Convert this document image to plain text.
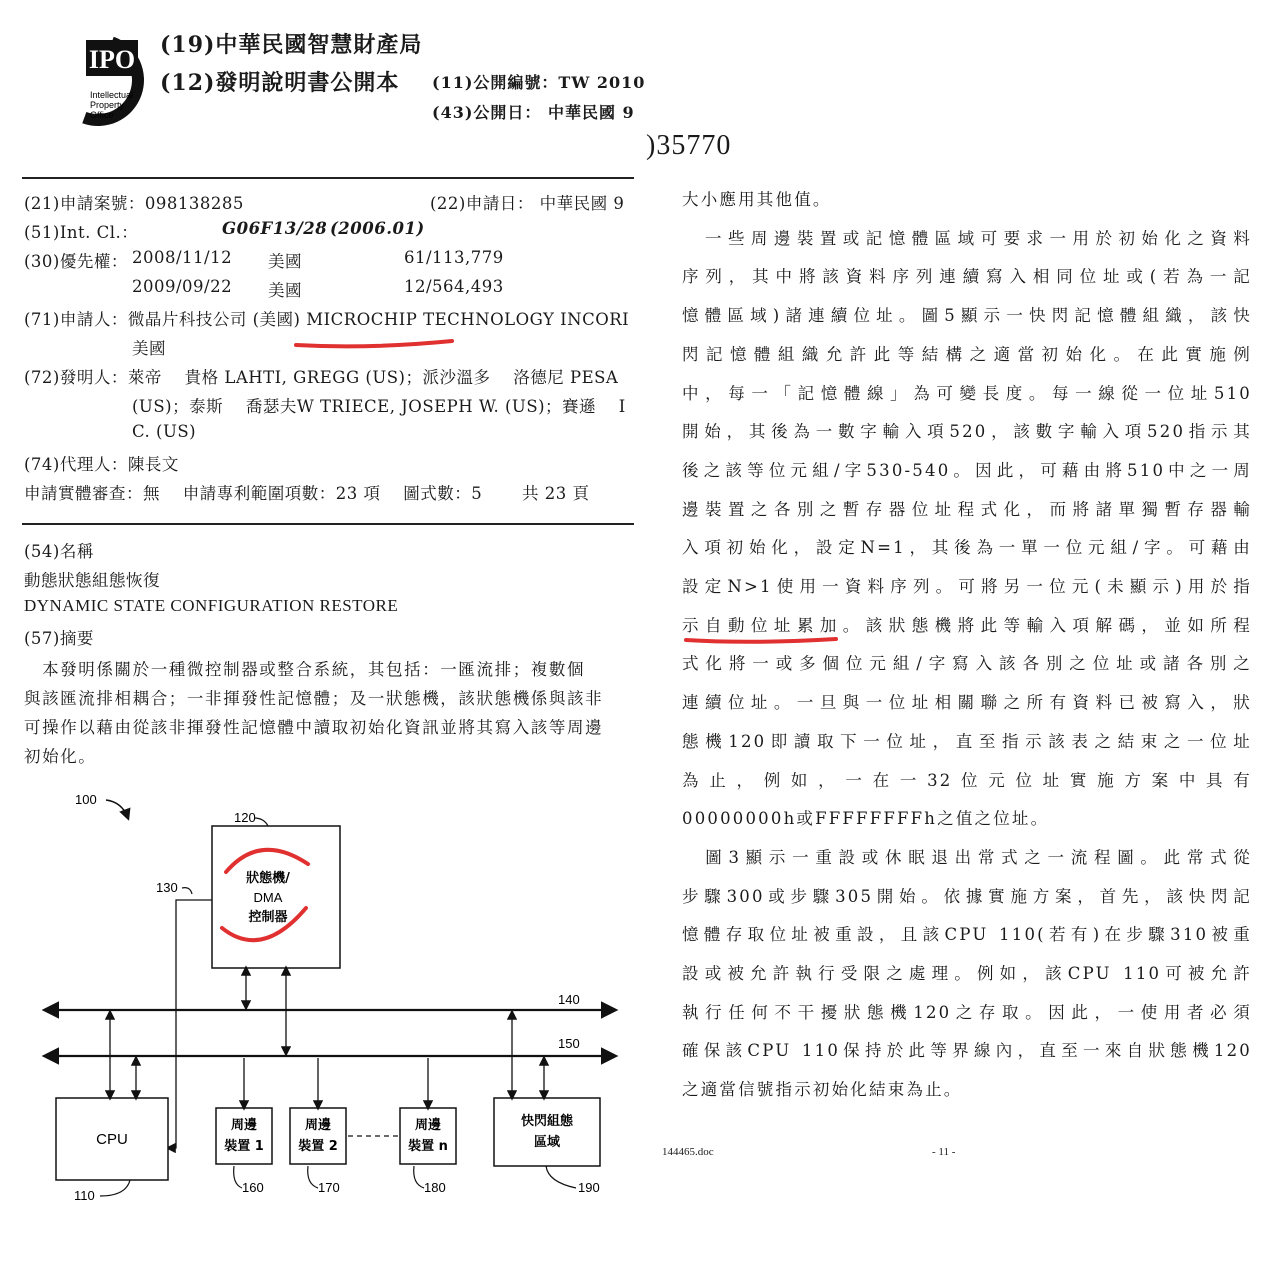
IPO
Intellectual
Property
Office
(19)中華民國智慧財產局
(12)發明說明書公開本 (11)公開編號：TW 2010
(43)公開日： 中華民國 9
)35770
(21)申請案號：098138285	(22)申請日： 中華民國 9
(51)Int. Cl.：	G06F13/28 (2006.01)
(30)優先權： 2008/11/12 美國	61/113,779
2009/09/22 美國	12/564,493
(71)申請人：微晶片科技公司 (美國) MICROCHIP TECHNOLOGY INCORI
美國
(72)發明人：萊帝 　貴格 LAHTI, GREGG (US)；派沙溫多 　洛德尼 PESA
(US)；泰斯 　喬瑟夫W TRIECE, JOSEPH W. (US)；賽遜 　I
C. (US)
(74)代理人：陳長文
申請實體審查：無 　申請專利範圍項數：23 項 　圖式數：5 　　共 23 頁
(54)名稱
動態狀態組態恢復
DYNAMIC STATE CONFIGURATION RESTORE
(57)摘要
　本發明係關於一種微控制器或整合系統，其包括：一匯流排；複數個
與該匯流排相耦合；一非揮發性記憶體；及一狀態機，該狀態機係與該非
可操作以藉由從該非揮發性記憶體中讀取初始化資訊並將其寫入該等周邊
初始化。
100
120
狀態機/
DMA
控制器
130
140
150
CPU
110
周邊
裝置 1
160
周邊
裝置 2
170
周邊
裝置 n
180
快閃組態
區域
190
大小應用其他值。
　一些周邊裝置或記憶體區域可要求一用於初始化之資料
序列，其中將該資料序列連續寫入相同位址或(若為一記
憶體區域)諸連續位址。圖5顯示一快閃記憶體組織，該快
閃記憶體組織允許此等結構之適當初始化。在此實施例
中，每一「記憶體線」為可變長度。每一線從一位址510
開始，其後為一數字輸入項520，該數字輸入項520指示其
後之該等位元組/字530-540。因此，可藉由將510中之一周
邊裝置之各別之暫存器位址程式化，而將諸單獨暫存器輸
入項初始化，設定N=1，其後為一單一位元組/字。可藉由
設定N>1使用一資料序列。可將另一位元(未顯示)用於指
示自動位址累加。該狀態機將此等輸入項解碼，並如所程
式化將一或多個位元組/字寫入該各別之位址或諸各別之
連續位址。一旦與一位址相關聯之所有資料已被寫入，狀
態機120即讀取下一位址，直至指示該表之結束之一位址
為止，例如，一在一32位元位址實施方案中具有
00000000h或FFFFFFFFh之值之位址。
　圖3顯示一重設或休眠退出常式之一流程圖。此常式從
步驟300或步驟305開始。依據實施方案，首先，該快閃記
憶體存取位址被重設，且該CPU 110(若有)在步驟310被重
設或被允許執行受限之處理。例如，該CPU 110可被允許
執行任何不干擾狀態機120之存取。因此，一使用者必須
確保該CPU 110保持於此等界線內，直至一來自狀態機120
之適當信號指示初始化結束為止。
144465.doc	- 11 -
